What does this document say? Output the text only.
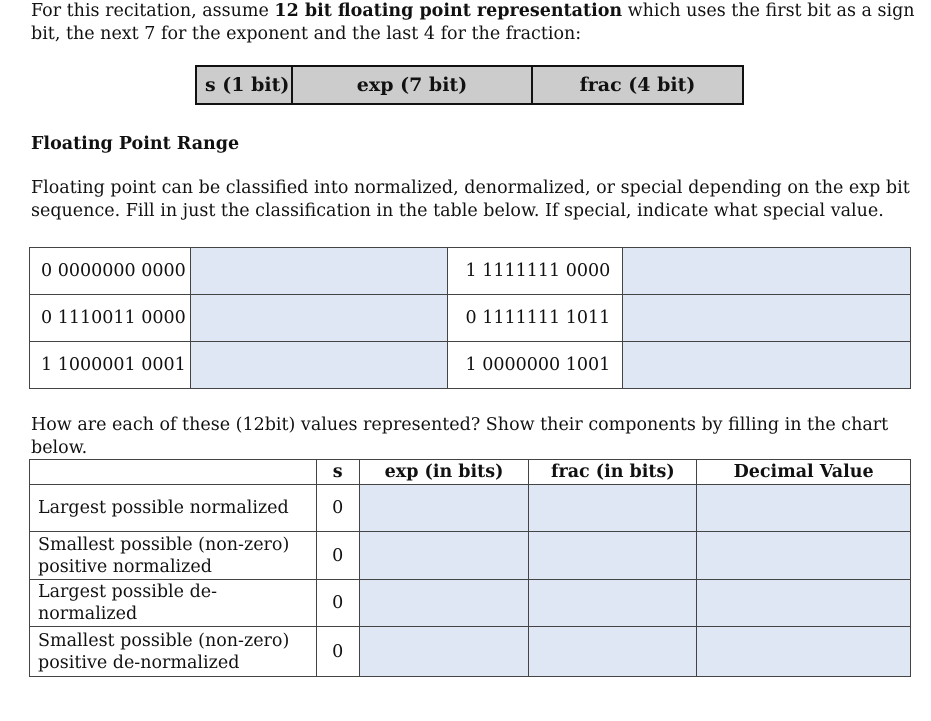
For this recitation, assume 12 bit floating point representation which uses the first bit as a sign bit, the next 7 for the exponent and the last 4 for the fraction:

s (1 bit)	exp (7 bit)	frac (4 bit)

Floating Point Range

Floating point can be classified into normalized, denormalized, or special depending on the exp bit sequence. Fill in just the classification in the table below. If special, indicate what special value.

0 0000000 0000		1 1111111 0000	
0 1110011 0000		0 1111111 1011	
1 1000001 0001		1 0000000 1001	

How are each of these (12bit) values represented? Show their components by filling in the chart below.

	s	exp (in bits)	frac (in bits)	Decimal Value
Largest possible normalized	0			
Smallest possible (non-zero) positive normalized	0			
Largest possible de-normalized	0			
Smallest possible (non-zero) positive de-normalized	0			
